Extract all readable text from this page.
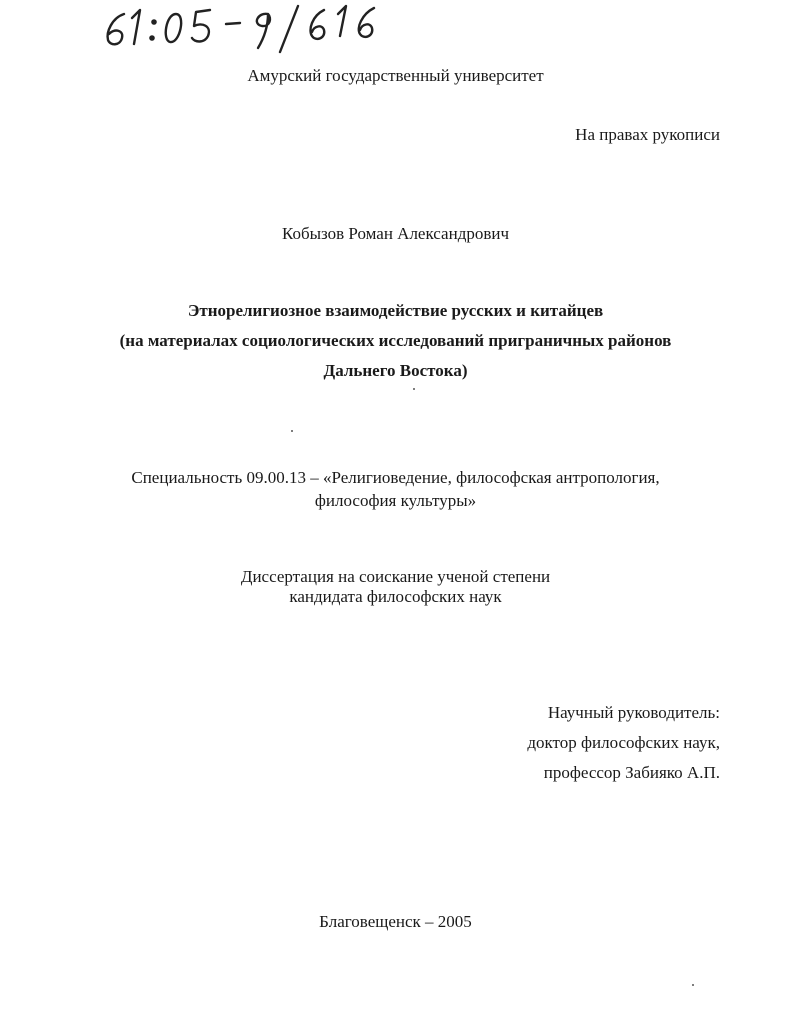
Амурский государственный университет
На правах рукописи
Кобызов Роман Александрович
Этнорелигиозное взаимодействие русских и китайцев
(на материалах социологических исследований приграничных районов
Дальнего Востока)
Специальность 09.00.13 – «Религиоведение, философская антропология,
философия культуры»
Диссертация на соискание ученой степени
кандидата философских наук
Научный руководитель:
доктор философских наук,
профессор Забияко А.П.
Благовещенск – 2005
